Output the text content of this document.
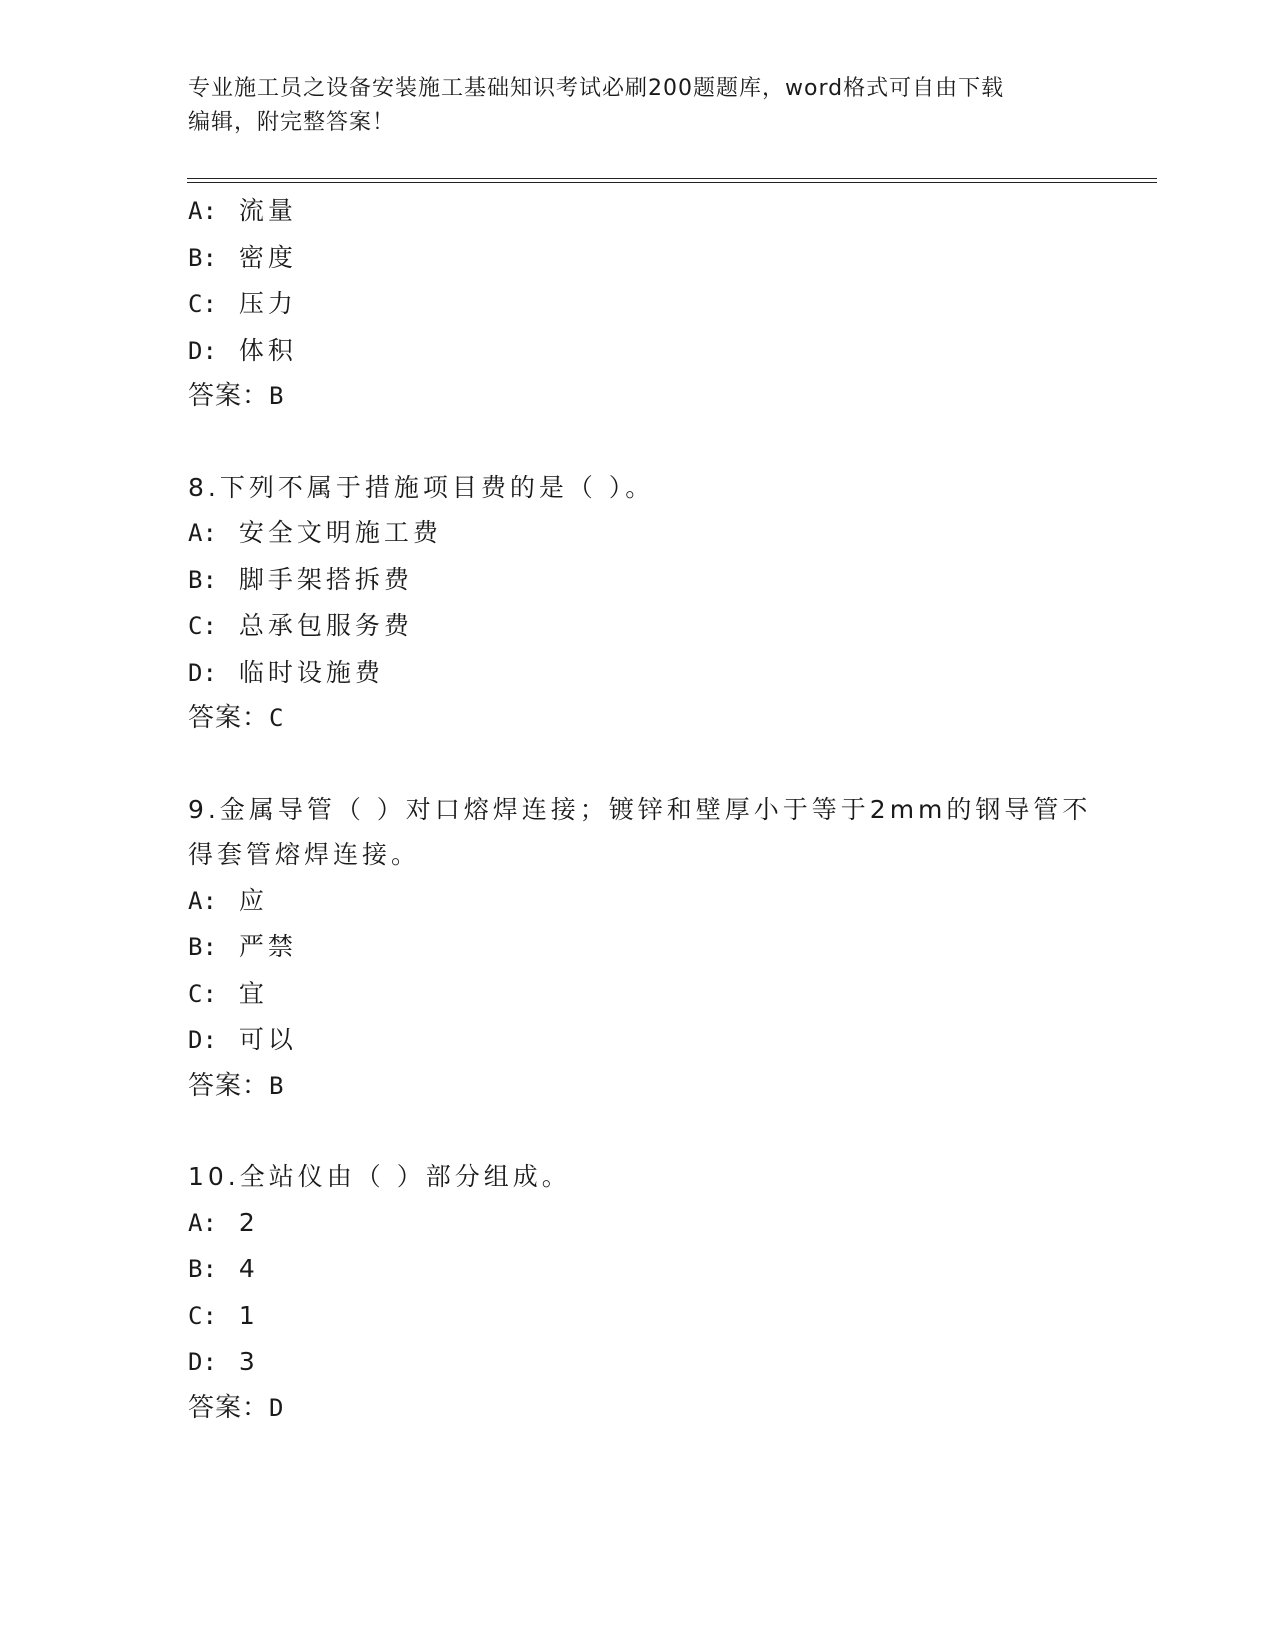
专业施工员之设备安装施工基础知识考试必刷200题题库，word格式可自由下载
编辑，附完整答案！
A: 流量
B: 密度
C: 压力
D: 体积
答案：B
8.下列不属于措施项目费的是（ ）。
A: 安全文明施工费
B: 脚手架搭拆费
C: 总承包服务费
D: 临时设施费
答案：C
9.金属导管（ ）对口熔焊连接；镀锌和壁厚小于等于2mm的钢导管不
得套管熔焊连接。
A: 应
B: 严禁
C: 宜
D: 可以
答案：B
10.全站仪由（ ）部分组成。
A: 2
B: 4
C: 1
D: 3
答案：D
